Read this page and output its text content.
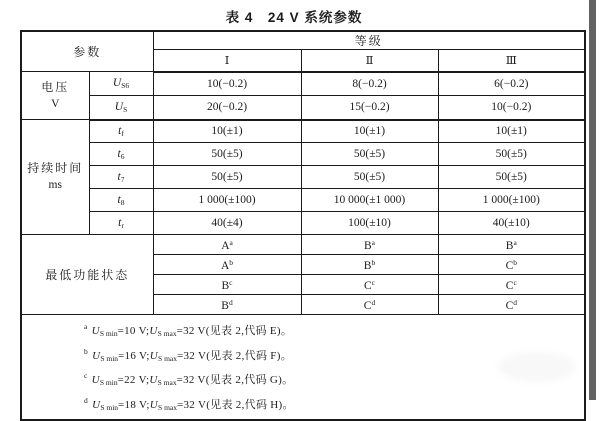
表 4　24 V 系统参数
参数		等级		
		Ⅰ	Ⅱ	Ⅲ

电压
V	$U_{S6}$	10(−0.2)	8(−0.2)	6(−0.2)
	$U_S$	20(−0.2)	15(−0.2)	10(−0.2)

持续时间
ms	$t_f$	10(±1)	10(±1)	10(±1)
	$t_6$	50(±5)	50(±5)	50(±5)
	$t_7$	50(±5)	50(±5)	50(±5)
	$t_8$	1 000(±100)	10 000(±1 000)	1 000(±100)
	$t_r$	40(±4)	100(±10)	40(±10)
最低功能状态		$A^a$	$B^a$	$B^a$
		$A^b$	$B^b$	$C^b$
		$B^c$	$C^c$	$C^c$
		$B^d$	$C^d$	$C^d$

$^a$ $U_{S min}=10$ $V;U_{S max}=32$ V(见表 2,代码 E)。
$^b$ $U_{S min}=16$ $V;U_{S max}=32$ V(见表 2,代码 F)。
$^c$ $U_{S min}=22$ $V;U_{S max}=32$ V(见表 2,代码 G)。
$^d$ $U_{S min}=18$ $V;U_{S max}=32$ V(见表 2,代码 H)。				
